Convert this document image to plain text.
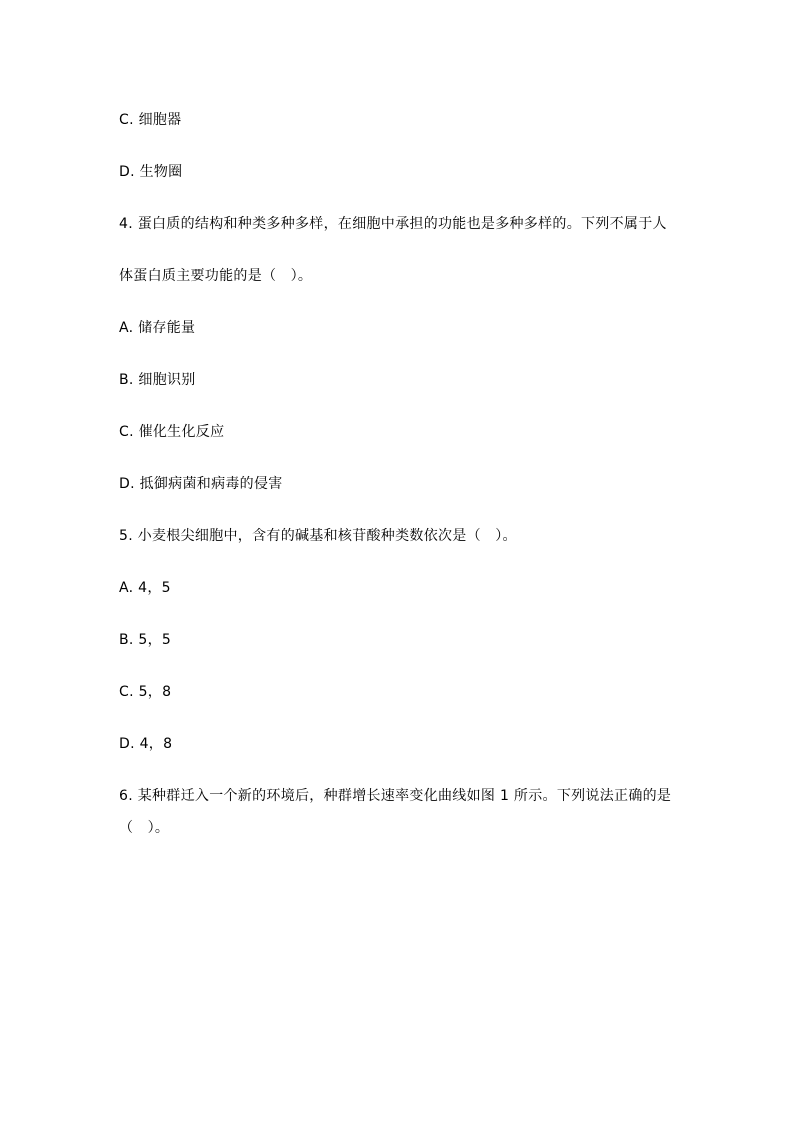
C. 细胞器
D. 生物圈
4. 蛋白质的结构和种类多种多样，在细胞中承担的功能也是多种多样的。下列不属于人
体蛋白质主要功能的是（　）。
A. 储存能量
B. 细胞识别
C. 催化生化反应
D. 抵御病菌和病毒的侵害
5. 小麦根尖细胞中，含有的碱基和核苷酸种类数依次是（　）。
A. 4，5
B. 5，5
C. 5，8
D. 4，8
6. 某种群迁入一个新的环境后，种群增长速率变化曲线如图 1 所示。下列说法正确的是
（　）。
